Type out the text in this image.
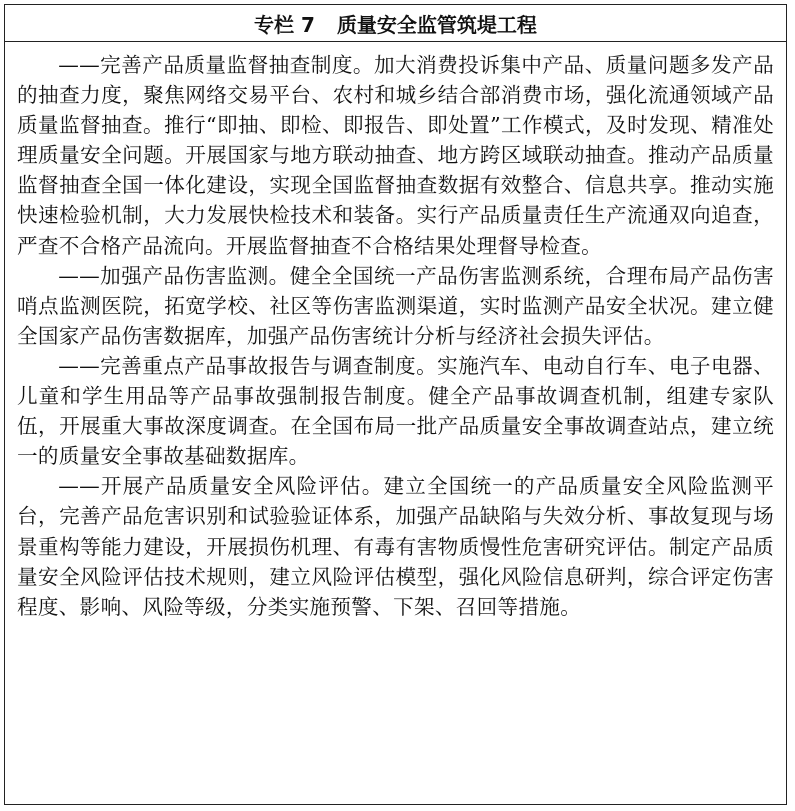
专栏 7 质量安全监管筑堤工程

——完善产品质量监督抽查制度。加大消费投诉集中产品、质量问题多发产品的抽查力度，聚焦网络交易平台、农村和城乡结合部消费市场，强化流通领域产品质量监督抽查。推行“即抽、即检、即报告、即处置”工作模式，及时发现、精准处理质量安全问题。开展国家与地方联动抽查、地方跨区域联动抽查。推动产品质量监督抽查全国一体化建设，实现全国监督抽查数据有效整合、信息共享。推动实施快速检验机制，大力发展快检技术和装备。实行产品质量责任生产流通双向追查，严查不合格产品流向。开展监督抽查不合格结果处理督导检查。

——加强产品伤害监测。健全全国统一产品伤害监测系统，合理布局产品伤害哨点监测医院，拓宽学校、社区等伤害监测渠道，实时监测产品安全状况。建立健全国家产品伤害数据库，加强产品伤害统计分析与经济社会损失评估。

——完善重点产品事故报告与调查制度。实施汽车、电动自行车、电子电器、儿童和学生用品等产品事故强制报告制度。健全产品事故调查机制，组建专家队伍，开展重大事故深度调查。在全国布局一批产品质量安全事故调查站点，建立统一的质量安全事故基础数据库。

——开展产品质量安全风险评估。建立全国统一的产品质量安全风险监测平台，完善产品危害识别和试验验证体系，加强产品缺陷与失效分析、事故复现与场景重构等能力建设，开展损伤机理、有毒有害物质慢性危害研究评估。制定产品质量安全风险评估技术规则，建立风险评估模型，强化风险信息研判，综合评定伤害程度、影响、风险等级，分类实施预警、下架、召回等措施。
